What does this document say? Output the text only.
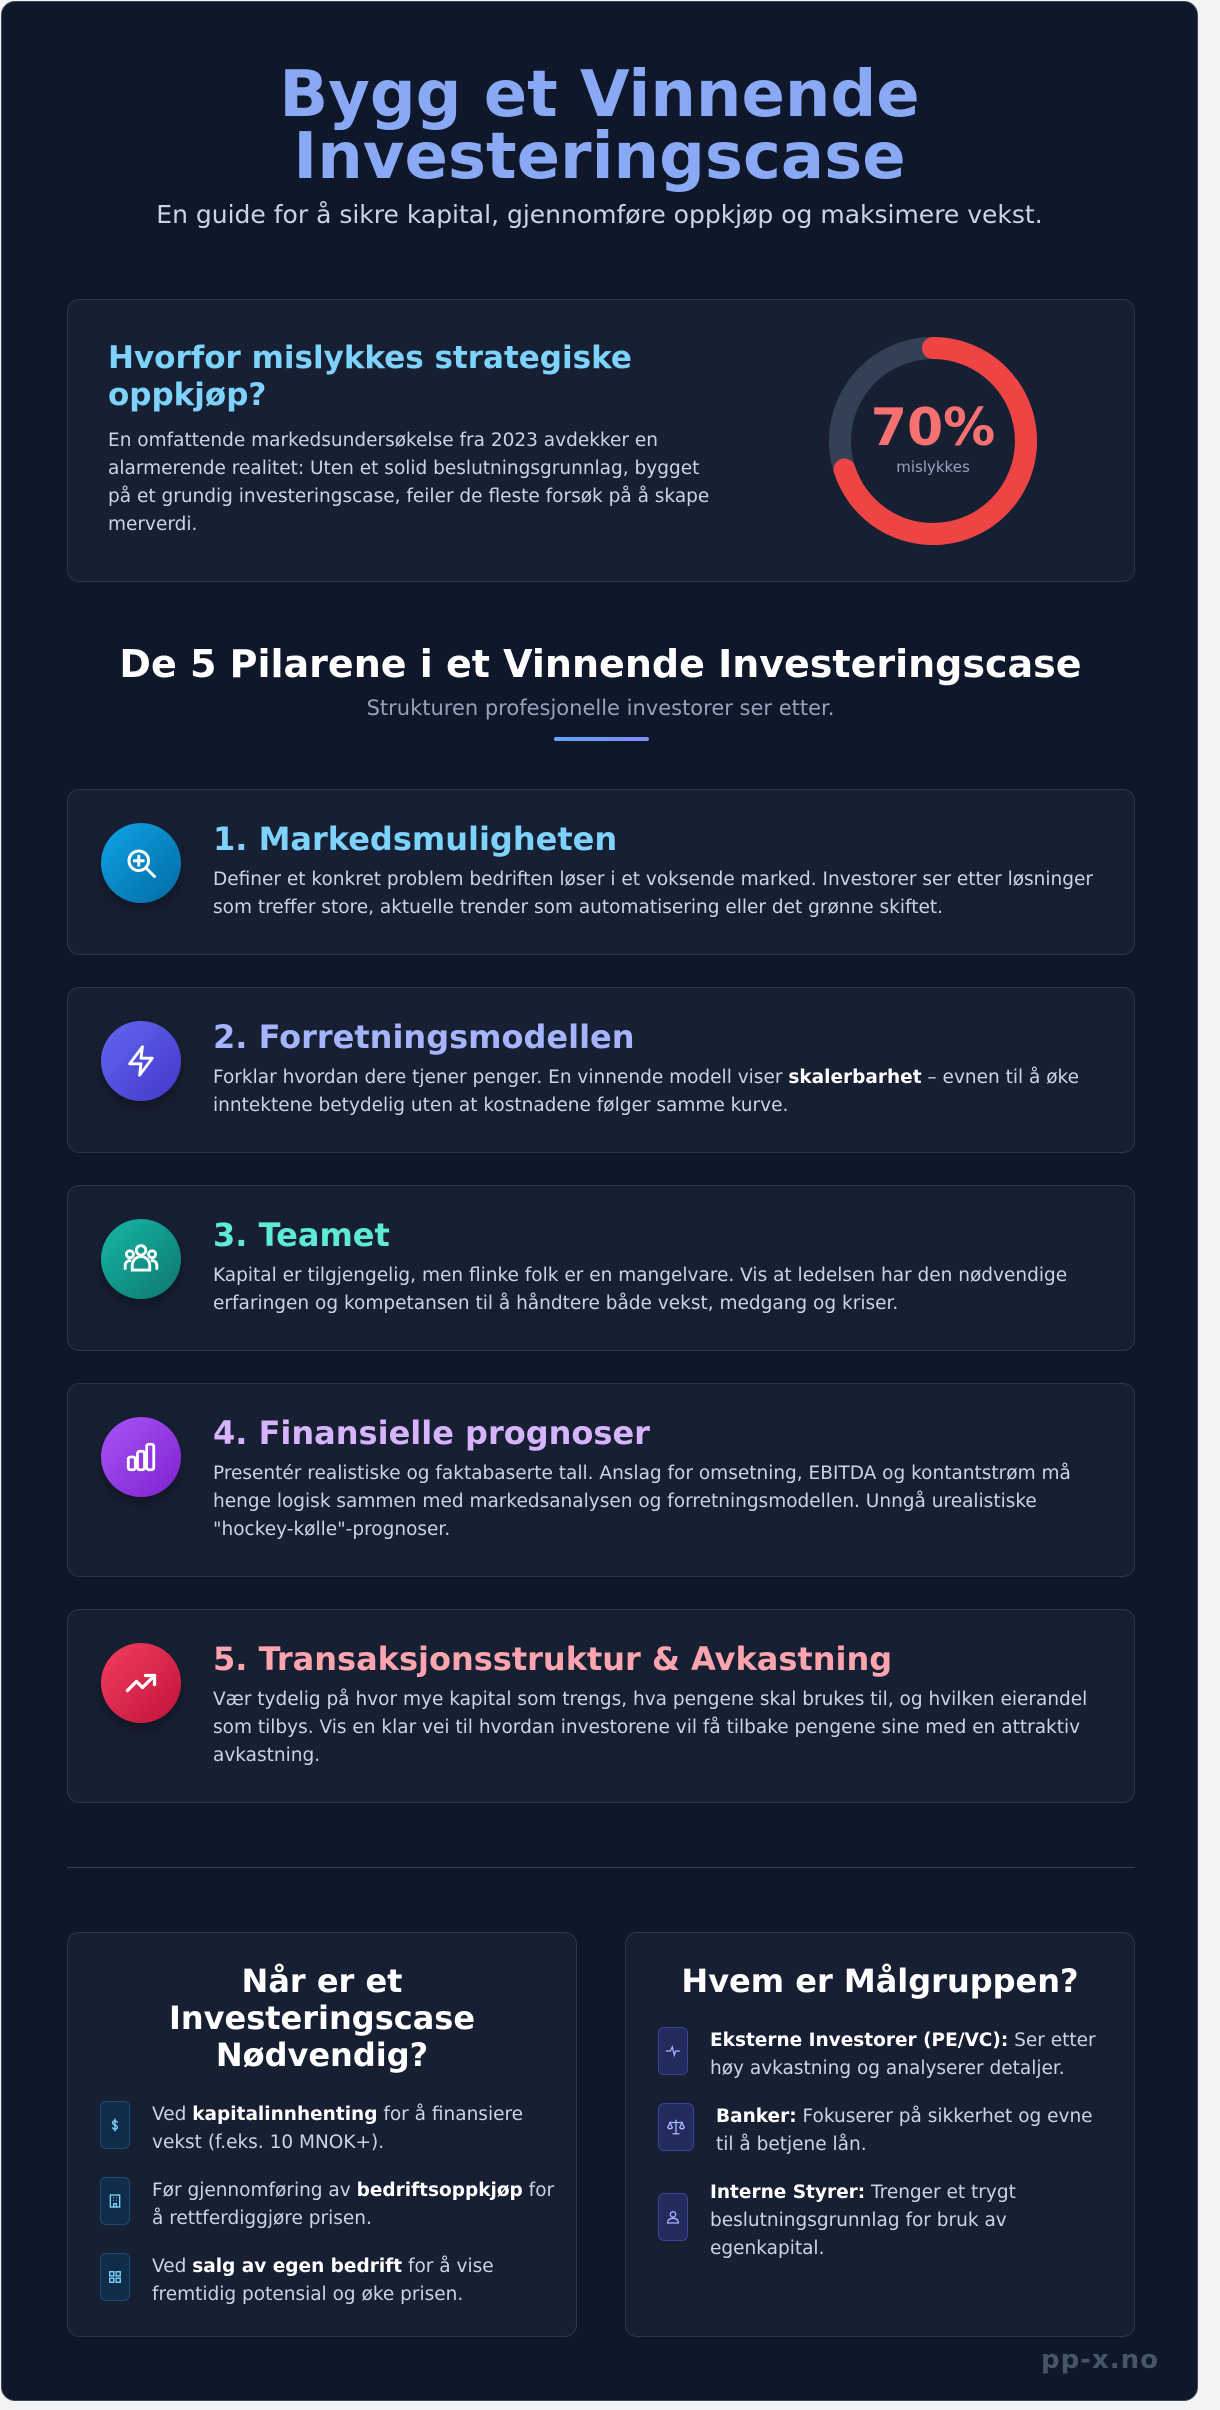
Bygg et Vinnende Investeringscase

En guide for å sikre kapital, gjennomføre oppkjøp og maksimere vekst.

Hvorfor mislykkes strategiske oppkjøp?

En omfattende markedsundersøkelse fra 2023 avdekker en alarmerende realitet: Uten et solid beslutningsgrunnlag, bygget på et grundig investeringscase, feiler de fleste forsøk på å skape merverdi.

70%
mislykkes
De 5 Pilarene i et Vinnende Investeringscase

Strukturen profesjonelle investorer ser etter.

1. Markedsmuligheten

Definer et konkret problem bedriften løser i et voksende marked. Investorer ser etter løsninger som treffer store, aktuelle trender som automatisering eller det grønne skiftet.

2. Forretningsmodellen

Forklar hvordan dere tjener penger. En vinnende modell viser skalerbarhet – evnen til å øke inntektene betydelig uten at kostnadene følger samme kurve.

3. Teamet

Kapital er tilgjengelig, men flinke folk er en mangelvare. Vis at ledelsen har den nødvendige erfaringen og kompetansen til å håndtere både vekst, medgang og kriser.

4. Finansielle prognoser

Presentér realistiske og faktabaserte tall. Anslag for omsetning, EBITDA og kontantstrøm må henge logisk sammen med markedsanalysen og forretningsmodellen. Unngå urealistiske "hockey-kølle"-prognoser.

5. Transaksjonsstruktur & Avkastning

Vær tydelig på hvor mye kapital som trengs, hva pengene skal brukes til, og hvilken eierandel som tilbys. Vis en klar vei til hvordan investorene vil få tilbake pengene sine med en attraktiv avkastning.

Når er et Investeringscase Nødvendig?

Ved kapitalinnhenting for å finansiere vekst (f.eks. 10 MNOK+).

Før gjennomføring av bedriftsoppkjøp for å rettferdiggjøre prisen.

Ved salg av egen bedrift for å vise fremtidig potensial og øke prisen.

Hvem er Målgruppen?

Eksterne Investorer (PE/VC): Ser etter høy avkastning og analyserer detaljer.

Banker: Fokuserer på sikkerhet og evne til å betjene lån.

Interne Styrer: Trenger et trygt beslutningsgrunnlag for bruk av egenkapital.

pp-x.no
